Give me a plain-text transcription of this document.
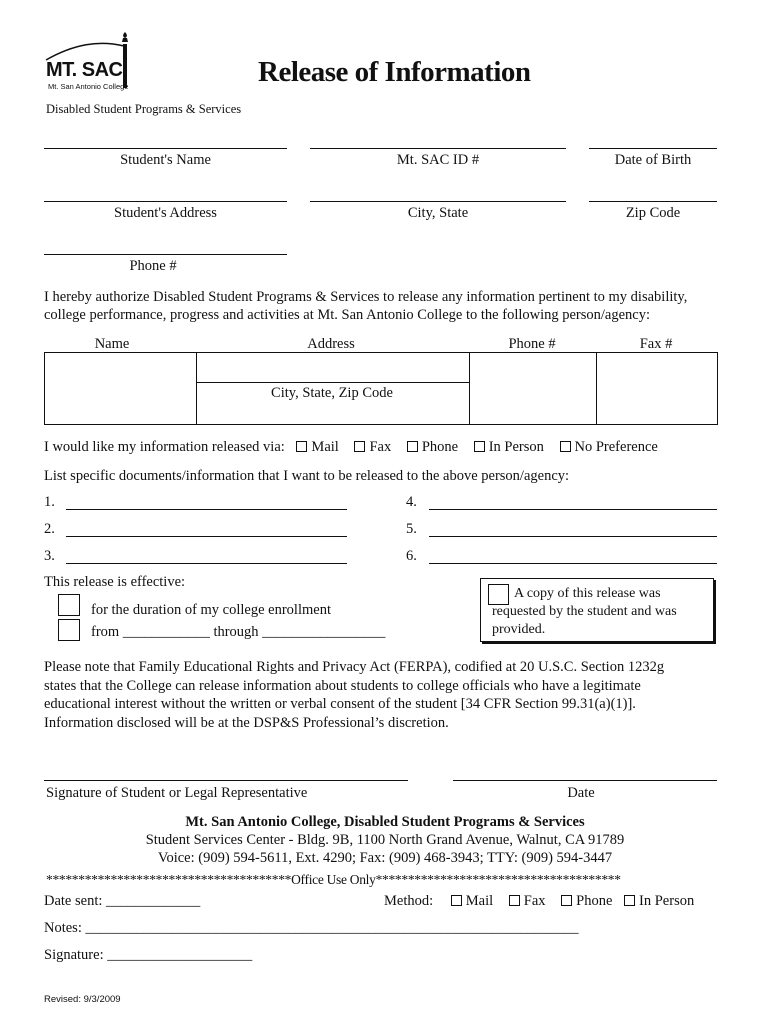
MT. SAC
Mt. San Antonio College	Release of Information
Disabled Student Programs & Services
Student's Name	Mt. SAC ID #	Date of Birth
Student's Address	City, State	Zip Code
Phone #
I hereby authorize Disabled Student Programs & Services to release any information pertinent to my disability, college performance, progress and activities at Mt. San Antonio College to the following person/agency:
Name	Address	Phone #	Fax #
City, State, Zip Code
I would like my information released via: Mail Fax Phone In Person No Preference
List specific documents/information that I want to be released to the above person/agency:
1.
2.
3.
4.
5.
6.
This release is effective:
for the duration of my college enrollment
from ____________ through _________________
A copy of this release was
requested by the student and was
provided.
Please note that Family Educational Rights and Privacy Act (FERPA), codified at 20 U.S.C. Section 1232g
states that the College can release information about students to college officials who have a legitimate
educational interest without the written or verbal consent of the student [34 CFR Section 99.31(a)(1)].
Information disclosed will be at the DSP&S Professional’s discretion.
Signature of Student or Legal Representative	Date
Mt. San Antonio College, Disabled Student Programs & Services
Student Services Center - Bldg. 9B, 1100 North Grand Avenue, Walnut, CA 91789
Voice: (909) 594-5611, Ext. 4290; Fax: (909) 468-3943; TTY: (909) 594-3447
**************************************Office Use Only**************************************
Date sent: _____________	Method: Mail Fax Phone In Person
Notes: ____________________________________________________________________
Signature: ____________________
Revised: 9/3/2009
